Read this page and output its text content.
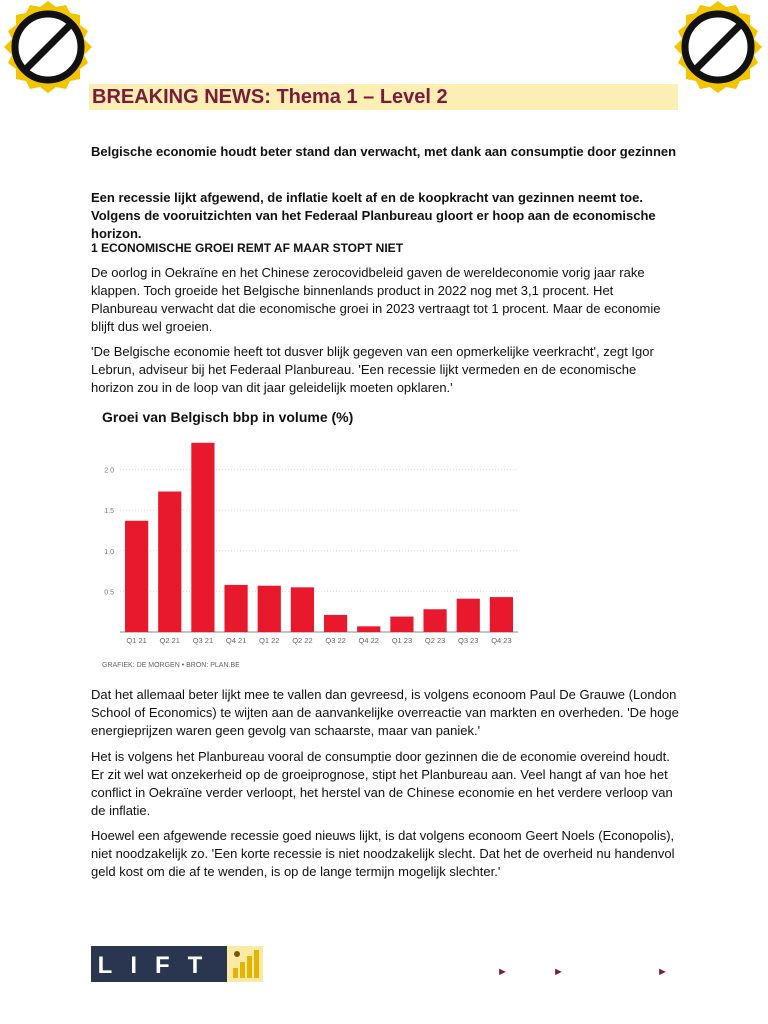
BREAKING NEWS: Thema 1 – Level 2
Belgische economie houdt beter stand dan verwacht, met dank aan consumptie door gezinnen
Een recessie lijkt afgewend, de inflatie koelt af en de koopkracht van gezinnen neemt toe. Volgens de vooruitzichten van het Federaal Planbureau gloort er hoop aan de economische horizon.
1 ECONOMISCHE GROEI REMT AF MAAR STOPT NIET
De oorlog in Oekraïne en het Chinese zerocovidbeleid gaven de wereldeconomie vorig jaar rake klappen. Toch groeide het Belgische binnenlands product in 2022 nog met 3,1 procent. Het Planbureau verwacht dat die economische groei in 2023 vertraagt tot 1 procent. Maar de economie blijft dus wel groeien.
'De Belgische economie heeft tot dusver blijk gegeven van een opmerkelijke veerkracht', zegt Igor Lebrun, adviseur bij het Federaal Planbureau. 'Een recessie lijkt vermeden en de economische horizon zou in de loop van dit jaar geleidelijk moeten opklaren.'
Groei van Belgisch bbp in volume (%)
0.5
1.0
1.5
2.0
Q1 21 Q2 21 Q3 21 Q4 21 Q1 22 Q2 22 Q3 22 Q4 22 Q1 23 Q2 23 Q3 23 Q4 23
GRAFIEK: DE MORGEN • BRON: PLAN.BE
Dat het allemaal beter lijkt mee te vallen dan gevreesd, is volgens econoom Paul De Grauwe (London School of Economics) te wijten aan de aanvankelijke overreactie van markten en overheden. 'De hoge energieprijzen waren geen gevolg van schaarste, maar van paniek.'
Het is volgens het Planbureau vooral de consumptie door gezinnen die de economie overeind houdt. Er zit wel wat onzekerheid op de groeiprognose, stipt het Planbureau aan. Veel hangt af van hoe het conflict in Oekraïne verder verloopt, het herstel van de Chinese economie en het verdere verloop van de inflatie.
Hoewel een afgewende recessie goed nieuws lijkt, is dat volgens econoom Geert Noels (Econopolis), niet noodzakelijk zo. 'Een korte recessie is niet noodzakelijk slecht. Dat het de overheid nu handenvol geld kost om die af te wenden, is op de lange termijn mogelijk slechter.'
LIFT	►	►	►
